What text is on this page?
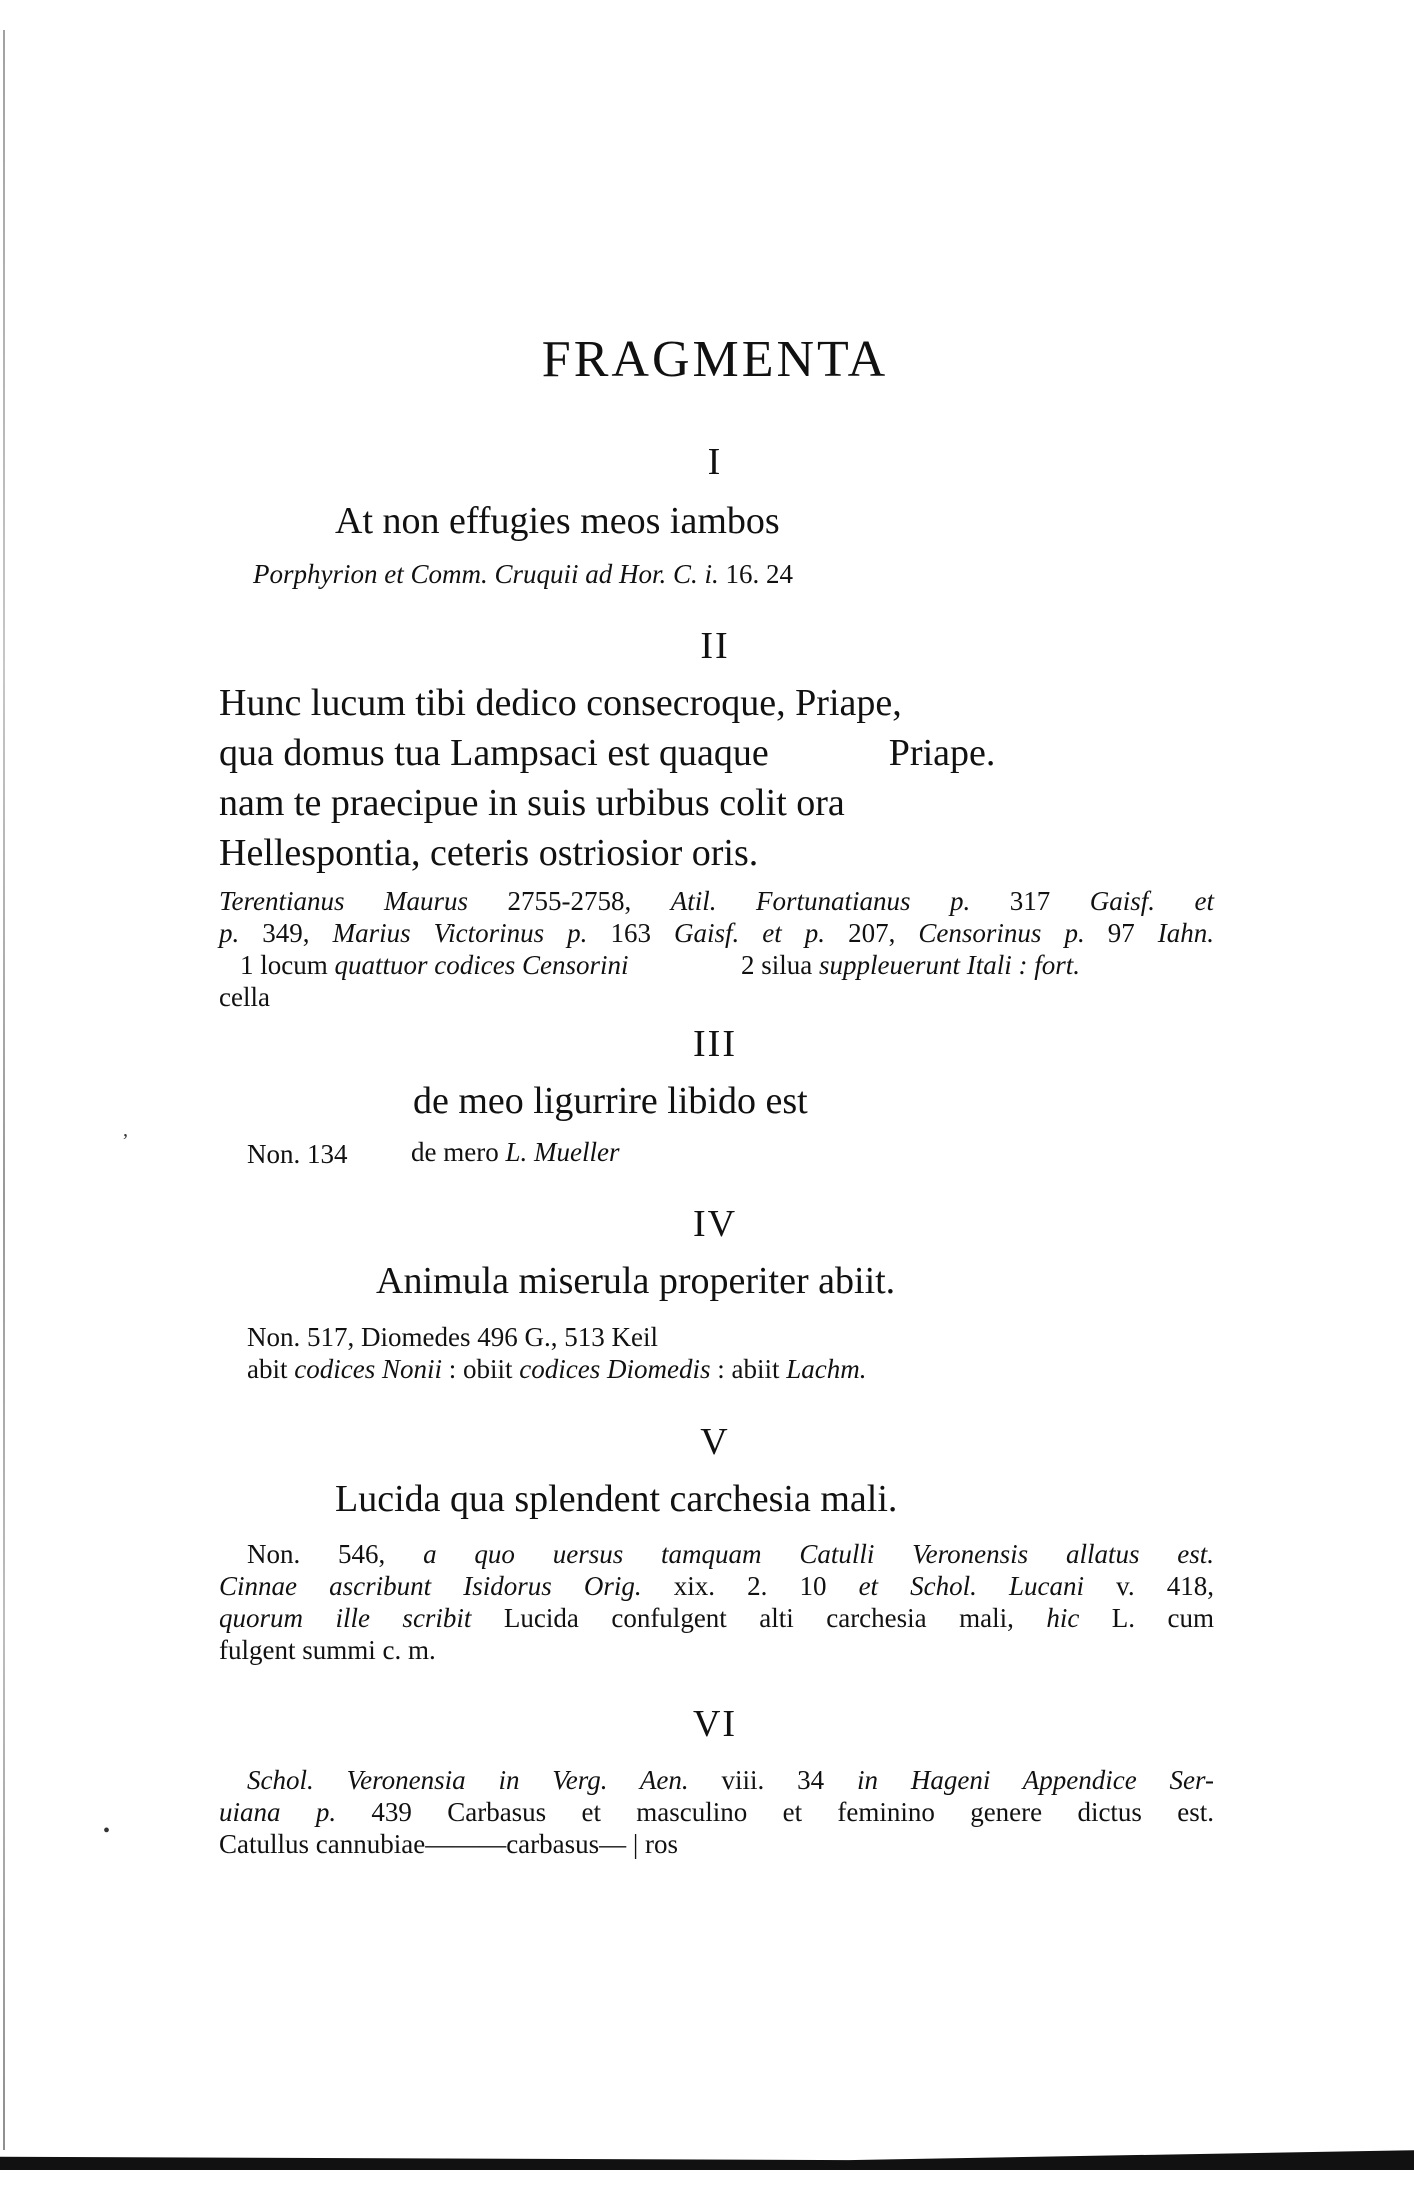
’
•
FRAGMENTA
I
At non effugies meos iambos
Porphyrion et Comm. Cruquii ad Hor. C. i. 16. 24
II
Hunc lucum tibi dedico consecroque, Priape,
qua domus tua Lampsaci est quaque	Priape.
nam te praecipue in suis urbibus colit ora
Hellespontia, ceteris ostriosior oris.
Terentianus Maurus 2755-2758, Atil. Fortunatianus p. 317 Gaisf. et
p. 349, Marius Victorinus p. 163 Gaisf. et p. 207, Censorinus p. 97 Iahn.
1 locum quattuor codices Censorini	2 silua suppleuerunt Itali : fort.
cella
III
de meo ligurrire libido est
Non. 134 de mero L. Mueller
IV
Animula miserula properiter abiit.
Non. 517, Diomedes 496 G., 513 Keil
abit codices Nonii : obiit codices Diomedis : abiit Lachm.
V
Lucida qua splendent carchesia mali.
Non. 546, a quo uersus tamquam Catulli Veronensis allatus est.
Cinnae ascribunt Isidorus Orig. xix. 2. 10 et Schol. Lucani v. 418,
quorum ille scribit Lucida confulgent alti carchesia mali, hic L. cum
fulgent summi c. m.
VI
Schol. Veronensia in Verg. Aen. viii. 34 in Hageni Appendice Ser-
uiana p. 439 Carbasus et masculino et feminino genere dictus est.
Catullus cannubiae———carbasus— | ros
